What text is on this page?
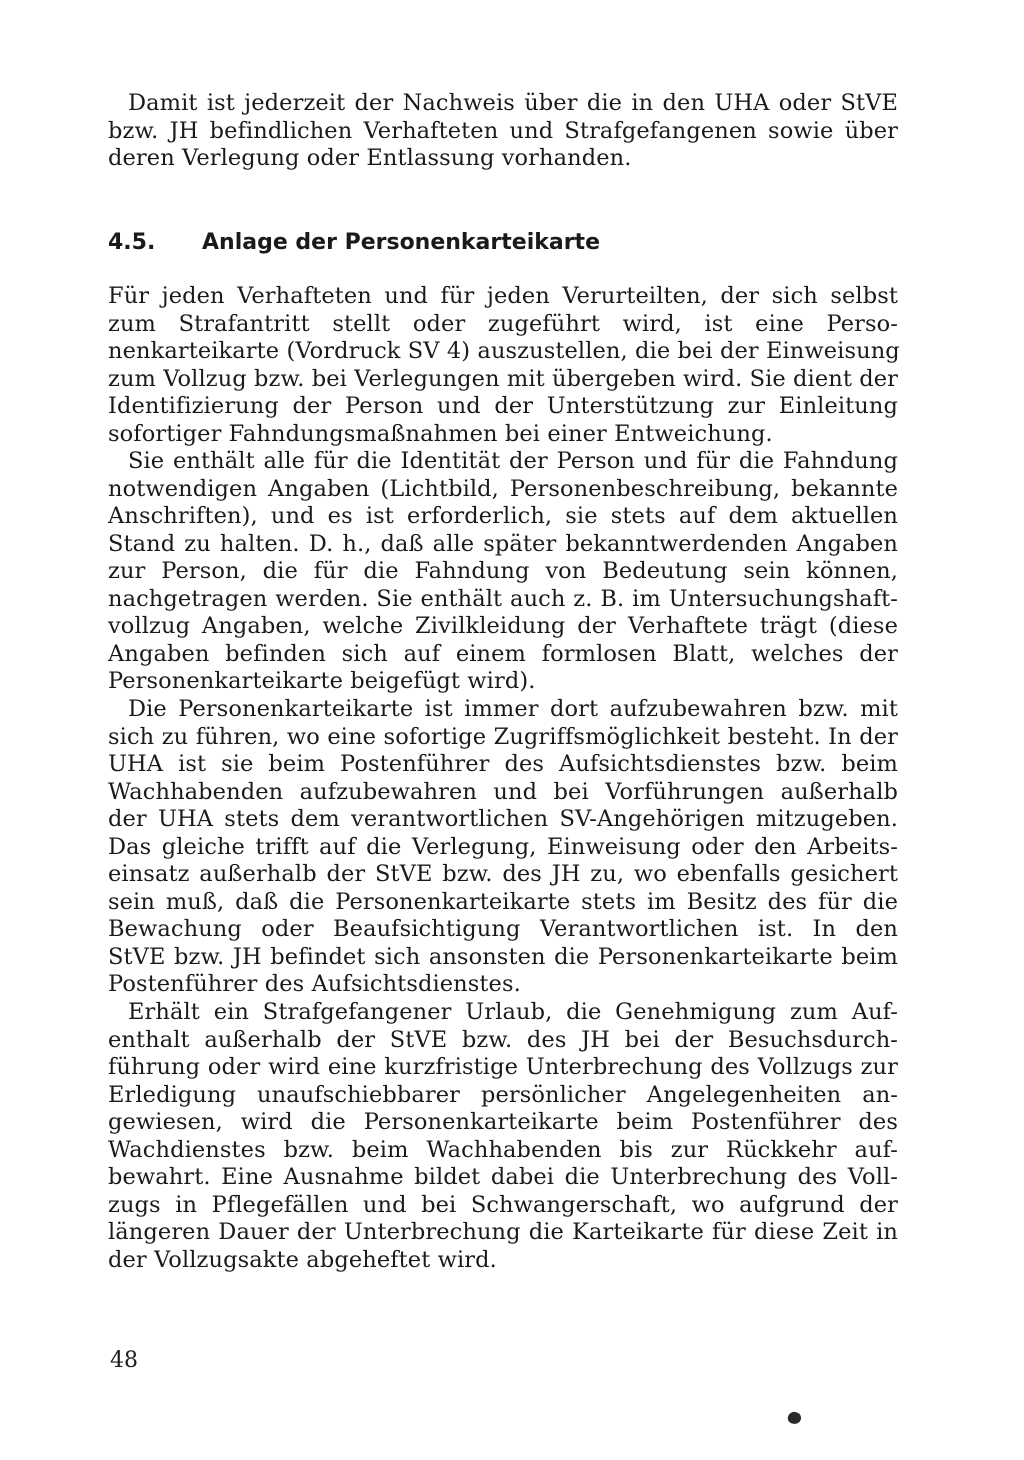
Damit ist jederzeit der Nachweis über die in den UHA oder StVE
bzw. JH befindlichen Verhafteten und Strafgefangenen sowie über
deren Verlegung oder Entlassung vorhanden.
4.5. Anlage der Personenkarteikarte
Für jeden Verhafteten und für jeden Verurteilten, der sich selbst
zum Strafantritt stellt oder zugeführt wird, ist eine Perso-
nenkarteikarte (Vordruck SV 4) auszustellen, die bei der Einweisung
zum Vollzug bzw. bei Verlegungen mit übergeben wird. Sie dient der
Identifizierung der Person und der Unterstützung zur Einleitung
sofortiger Fahndungsmaßnahmen bei einer Entweichung.
Sie enthält alle für die Identität der Person und für die Fahndung
notwendigen Angaben (Lichtbild, Personenbeschreibung, bekannte
Anschriften), und es ist erforderlich, sie stets auf dem aktuellen
Stand zu halten. D. h., daß alle später bekanntwerdenden Angaben
zur Person, die für die Fahndung von Bedeutung sein können,
nachgetragen werden. Sie enthält auch z. B. im Untersuchungshaft-
vollzug Angaben, welche Zivilkleidung der Verhaftete trägt (diese
Angaben befinden sich auf einem formlosen Blatt, welches der
Personenkarteikarte beigefügt wird).
Die Personenkarteikarte ist immer dort aufzubewahren bzw. mit
sich zu führen, wo eine sofortige Zugriffsmöglichkeit besteht. In der
UHA ist sie beim Postenführer des Aufsichtsdienstes bzw. beim
Wachhabenden aufzubewahren und bei Vorführungen außerhalb
der UHA stets dem verantwortlichen SV-Angehörigen mitzugeben.
Das gleiche trifft auf die Verlegung, Einweisung oder den Arbeits-
einsatz außerhalb der StVE bzw. des JH zu, wo ebenfalls gesichert
sein muß, daß die Personenkarteikarte stets im Besitz des für die
Bewachung oder Beaufsichtigung Verantwortlichen ist. In den
StVE bzw. JH befindet sich ansonsten die Personenkarteikarte beim
Postenführer des Aufsichtsdienstes.
Erhält ein Strafgefangener Urlaub, die Genehmigung zum Auf-
enthalt außerhalb der StVE bzw. des JH bei der Besuchsdurch-
führung oder wird eine kurzfristige Unterbrechung des Vollzugs zur
Erledigung unaufschiebbarer persönlicher Angelegenheiten an-
gewiesen, wird die Personenkarteikarte beim Postenführer des
Wachdienstes bzw. beim Wachhabenden bis zur Rückkehr auf-
bewahrt. Eine Ausnahme bildet dabei die Unterbrechung des Voll-
zugs in Pflegefällen und bei Schwangerschaft, wo aufgrund der
längeren Dauer der Unterbrechung die Karteikarte für diese Zeit in
der Vollzugsakte abgeheftet wird.
48
